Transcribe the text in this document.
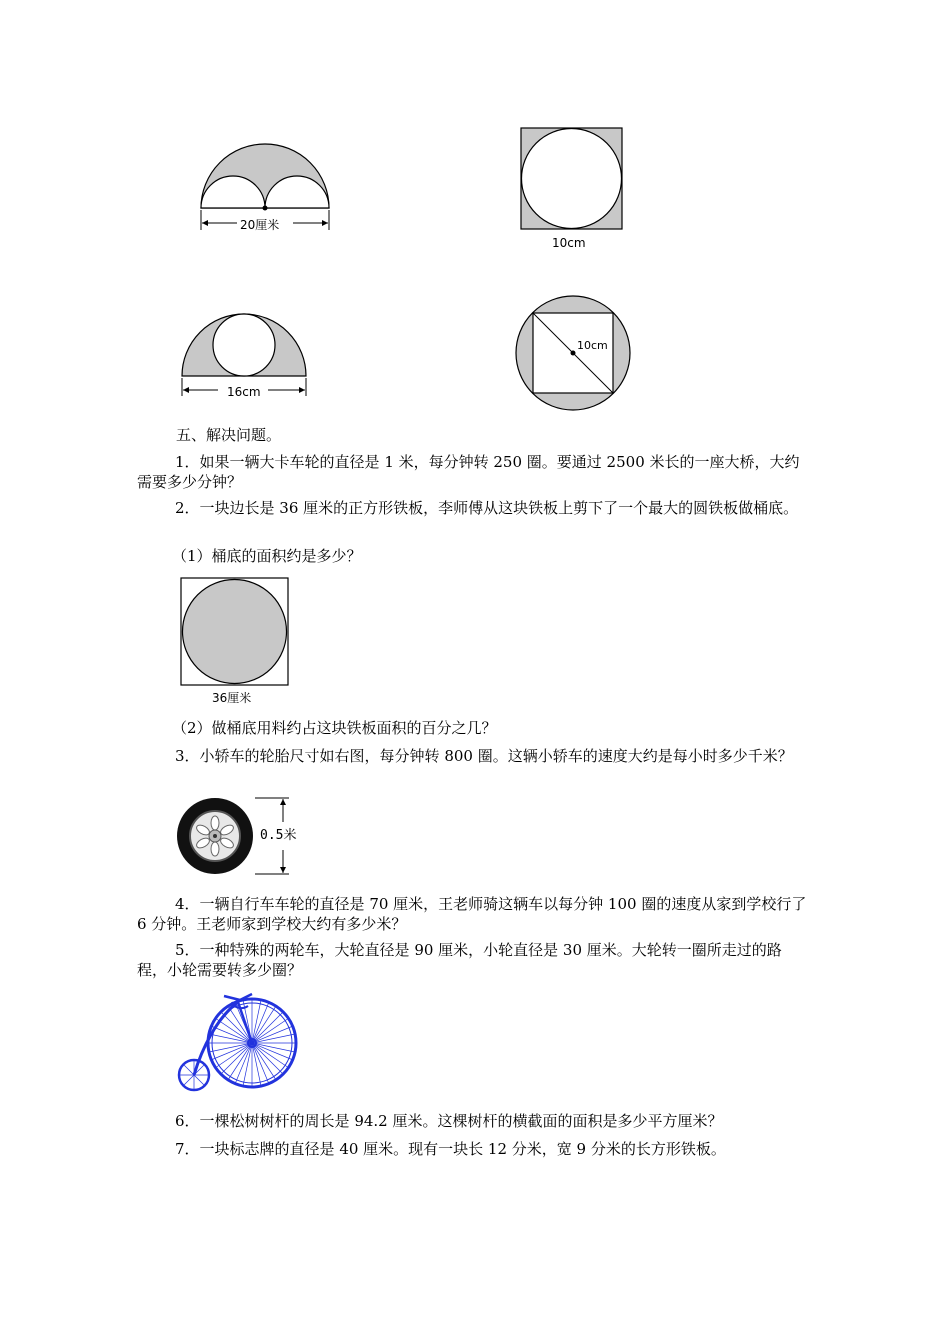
20厘米
10cm
16cm
10cm
五、解决问题。
1．如果一辆大卡车轮的直径是 1 米，每分钟转 250 圈。要通过 2500 米长的一座大桥，大约需要多少分钟？
2．一块边长是 36 厘米的正方形铁板，李师傅从这块铁板上剪下了一个最大的圆铁板做桶底。
（1）桶底的面积约是多少？
36厘米
（2）做桶底用料约占这块铁板面积的百分之几？
3．小轿车的轮胎尺寸如右图，每分钟转 800 圈。这辆小轿车的速度大约是每小时多少千米？
0.5米
4．一辆自行车车轮的直径是 70 厘米，王老师骑这辆车以每分钟 100 圈的速度从家到学校行了 6 分钟。王老师家到学校大约有多少米？
5．一种特殊的两轮车，大轮直径是 90 厘米，小轮直径是 30 厘米。大轮转一圈所走过的路程，小轮需要转多少圈？
6．一棵松树树杆的周长是 94.2 厘米。这棵树杆的横截面的面积是多少平方厘米？
7．一块标志牌的直径是 40 厘米。现有一块长 12 分米，宽 9 分米的长方形铁板。
